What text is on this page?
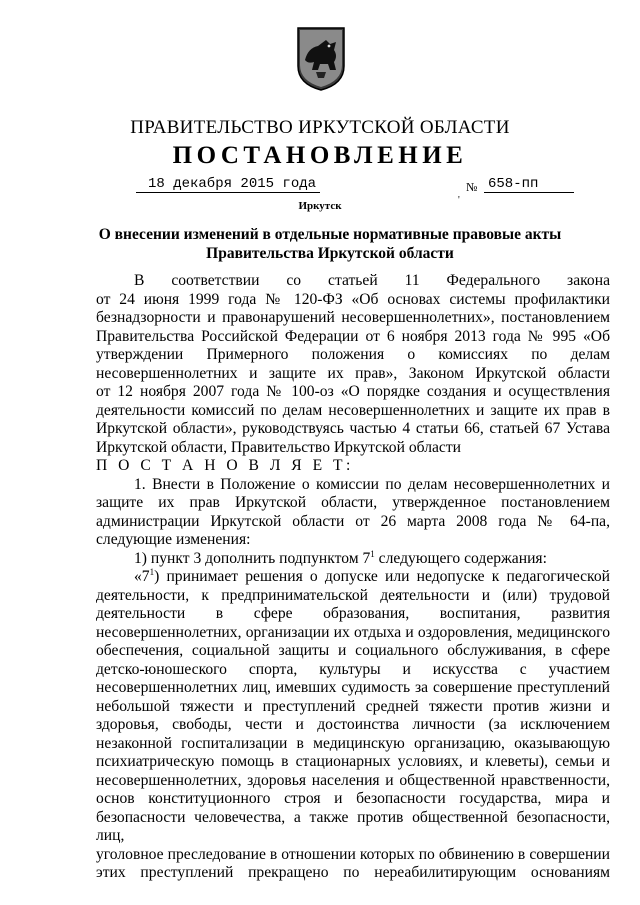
ПРАВИТЕЛЬСТВО ИРКУТСКОЙ ОБЛАСТИ
ПОСТАНОВЛЕНИЕ
18 декабря 2015 года	№ 658-пп
'
Иркутск
О внесении изменений в отдельные нормативные правовые акты
Правительства Иркутской области

В соответствии со статьей 11 Федерального закона

от 24 июня 1999 года № 120-ФЗ «Об основах системы профилактики

безнадзорности и правонарушений несовершеннолетних», постановлением

Правительства Российской Федерации от 6 ноября 2013 года № 995 «Об

утверждении Примерного положения о комиссиях по делам

несовершеннолетних и защите их прав», Законом Иркутской области

от 12 ноября 2007 года № 100-оз «О порядке создания и осуществления

деятельности комиссий по делам несовершеннолетних и защите их прав в

Иркутской области», руководствуясь частью 4 статьи 66, статьей 67 Устава

Иркутской области, Правительство Иркутской области

П О С Т А Н О В Л Я Е Т:

1. Внести в Положение о комиссии по делам несовершеннолетних и

защите их прав Иркутской области, утвержденное постановлением

администрации Иркутской области от 26 марта 2008 года № 64-па,

следующие изменения:

1) пункт 3 дополнить подпунктом $7^1$ следующего содержания:

«$7^1$) принимает решения о допуске или недопуске к педагогической

деятельности, к предпринимательской деятельности и (или) трудовой

деятельности в сфере образования, воспитания, развития

несовершеннолетних, организации их отдыха и оздоровления, медицинского

обеспечения, социальной защиты и социального обслуживания, в сфере

детско-юношеского спорта, культуры и искусства с участием

несовершеннолетних лиц, имевших судимость за совершение преступлений

небольшой тяжести и преступлений средней тяжести против жизни и

здоровья, свободы, чести и достоинства личности (за исключением

незаконной госпитализации в медицинскую организацию, оказывающую

психиатрическую помощь в стационарных условиях, и клеветы), семьи и

несовершеннолетних, здоровья населения и общественной нравственности,

основ конституционного строя и безопасности государства, мира и

безопасности человечества, а также против общественной безопасности, лиц,

уголовное преследование в отношении которых по обвинению в совершении

этих преступлений прекращено по нереабилитирующим основаниям
